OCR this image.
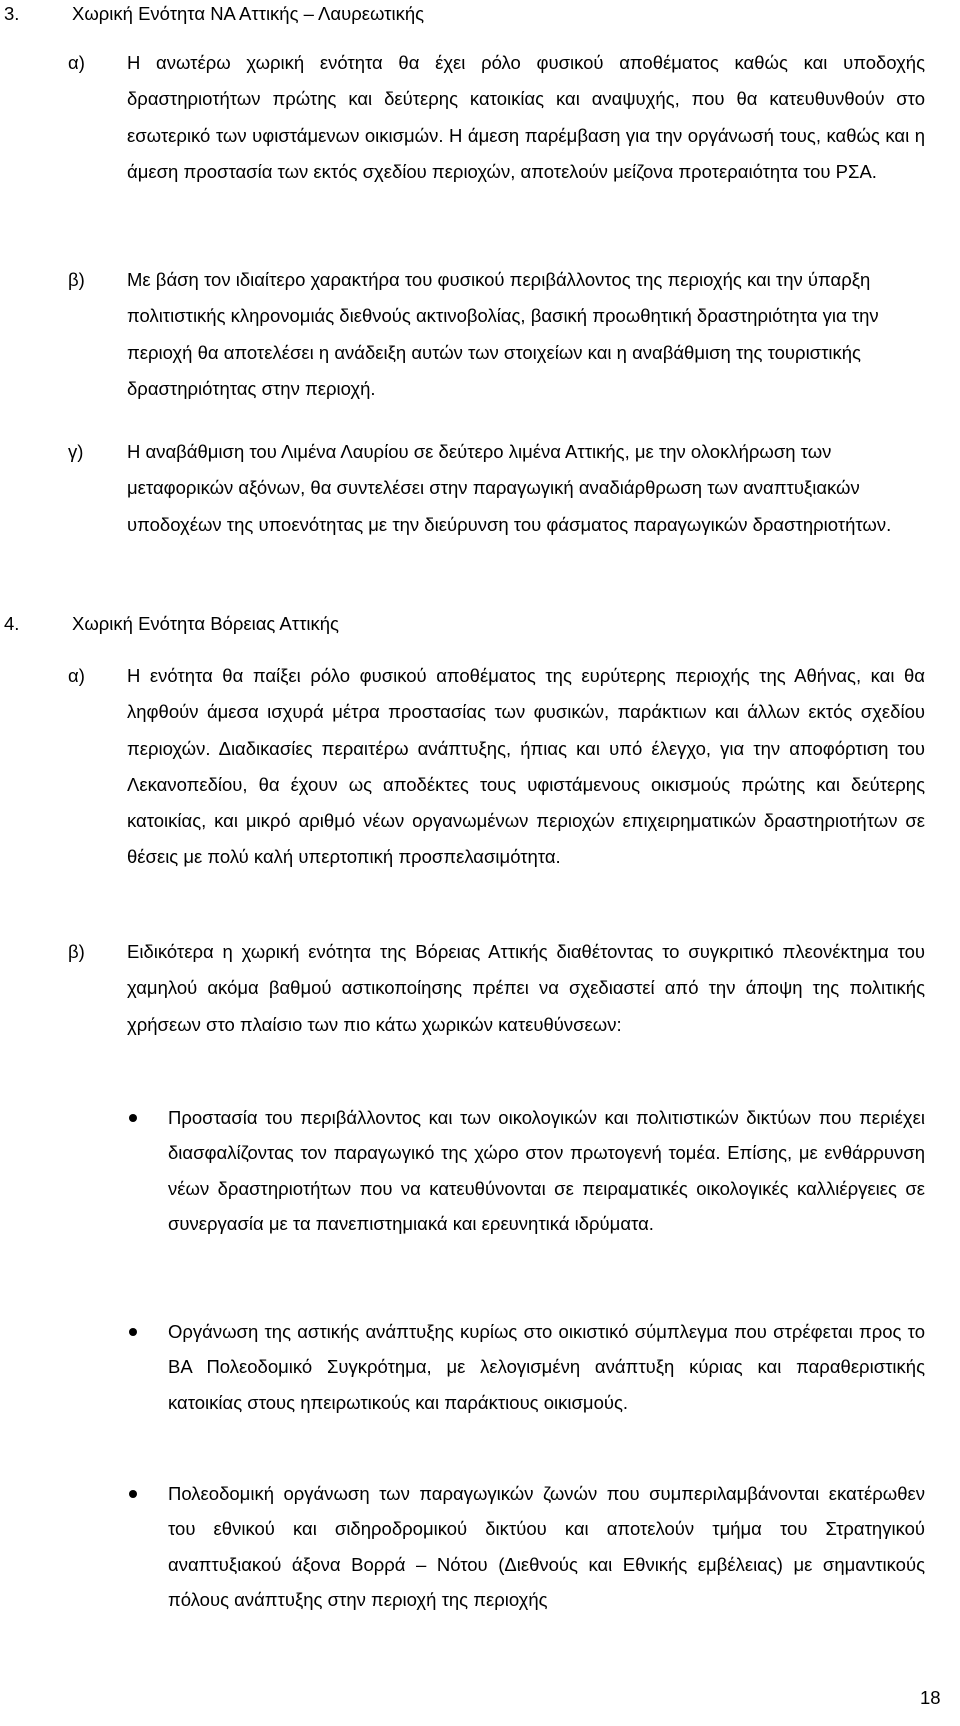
3.	Χωρική Ενότητα ΝΑ Αττικής – Λαυρεωτικής
α) Η ανωτέρω χωρική ενότητα θα έχει ρόλο φυσικού αποθέματος καθώς και υποδοχής δραστηριοτήτων πρώτης και δεύτερης κατοικίας και αναψυχής, που θα κατευθυνθούν στο εσωτερικό των υφιστάμενων οικισμών. Η άμεση παρέμβαση για την οργάνωσή τους, καθώς και η άμεση προστασία των εκτός σχεδίου περιοχών, αποτελούν μείζονα προτεραιότητα του ΡΣΑ.
β) Με βάση τον ιδιαίτερο χαρακτήρα του φυσικού περιβάλλοντος της περιοχής και την ύπαρξη πολιτιστικής κληρονομιάς διεθνούς ακτινοβολίας, βασική προωθητική δραστηριότητα για την περιοχή θα αποτελέσει η ανάδειξη αυτών των στοιχείων και η αναβάθμιση της τουριστικής δραστηριότητας στην περιοχή.
γ) Η αναβάθμιση του Λιμένα Λαυρίου σε δεύτερο λιμένα Αττικής, με την ολοκλήρωση των μεταφορικών αξόνων, θα συντελέσει στην παραγωγική αναδιάρθρωση των αναπτυξιακών υποδοχέων της υποενότητας με την διεύρυνση του φάσματος παραγωγικών δραστηριοτήτων.
4.	Χωρική Ενότητα Βόρειας Αττικής
α) Η ενότητα θα παίξει ρόλο φυσικού αποθέματος της ευρύτερης περιοχής της Αθήνας, και θα ληφθούν άμεσα ισχυρά μέτρα προστασίας των φυσικών, παράκτιων και άλλων εκτός σχεδίου περιοχών. Διαδικασίες περαιτέρω ανάπτυξης, ήπιας και υπό έλεγχο, για την αποφόρτιση του Λεκανοπεδίου, θα έχουν ως αποδέκτες τους υφιστάμενους οικισμούς πρώτης και δεύτερης κατοικίας, και μικρό αριθμό νέων οργανωμένων περιοχών επιχειρηματικών δραστηριοτήτων σε θέσεις με πολύ καλή υπερτοπική προσπελασιμότητα.
β) Ειδικότερα η χωρική ενότητα της Βόρειας Αττικής διαθέτοντας το συγκριτικό πλεονέκτημα του χαμηλού ακόμα βαθμού αστικοποίησης πρέπει να σχεδιαστεί από την άποψη της πολιτικής χρήσεων στο πλαίσιο των πιο κάτω χωρικών κατευθύνσεων:
Προστασία του περιβάλλοντος και των οικολογικών και πολιτιστικών δικτύων που περιέχει διασφαλίζοντας τον παραγωγικό της χώρο στον πρωτογενή τομέα. Επίσης, με ενθάρρυνση νέων δραστηριοτήτων που να κατευθύνονται σε πειραματικές οικολογικές καλλιέργειες σε συνεργασία με τα πανεπιστημιακά και ερευνητικά ιδρύματα.
Οργάνωση της αστικής ανάπτυξης κυρίως στο οικιστικό σύμπλεγμα που στρέφεται προς το ΒΑ Πολεοδομικό Συγκρότημα, με λελογισμένη ανάπτυξη κύριας και παραθεριστικής κατοικίας στους ηπειρωτικούς και παράκτιους οικισμούς.
Πολεοδομική οργάνωση των παραγωγικών ζωνών που συμπεριλαμβάνονται εκατέρωθεν του εθνικού και σιδηροδρομικού δικτύου και αποτελούν τμήμα του Στρατηγικού αναπτυξιακού άξονα Βορρά – Νότου (Διεθνούς και Εθνικής εμβέλειας) με σημαντικούς πόλους ανάπτυξης στην περιοχή της περιοχής
18
